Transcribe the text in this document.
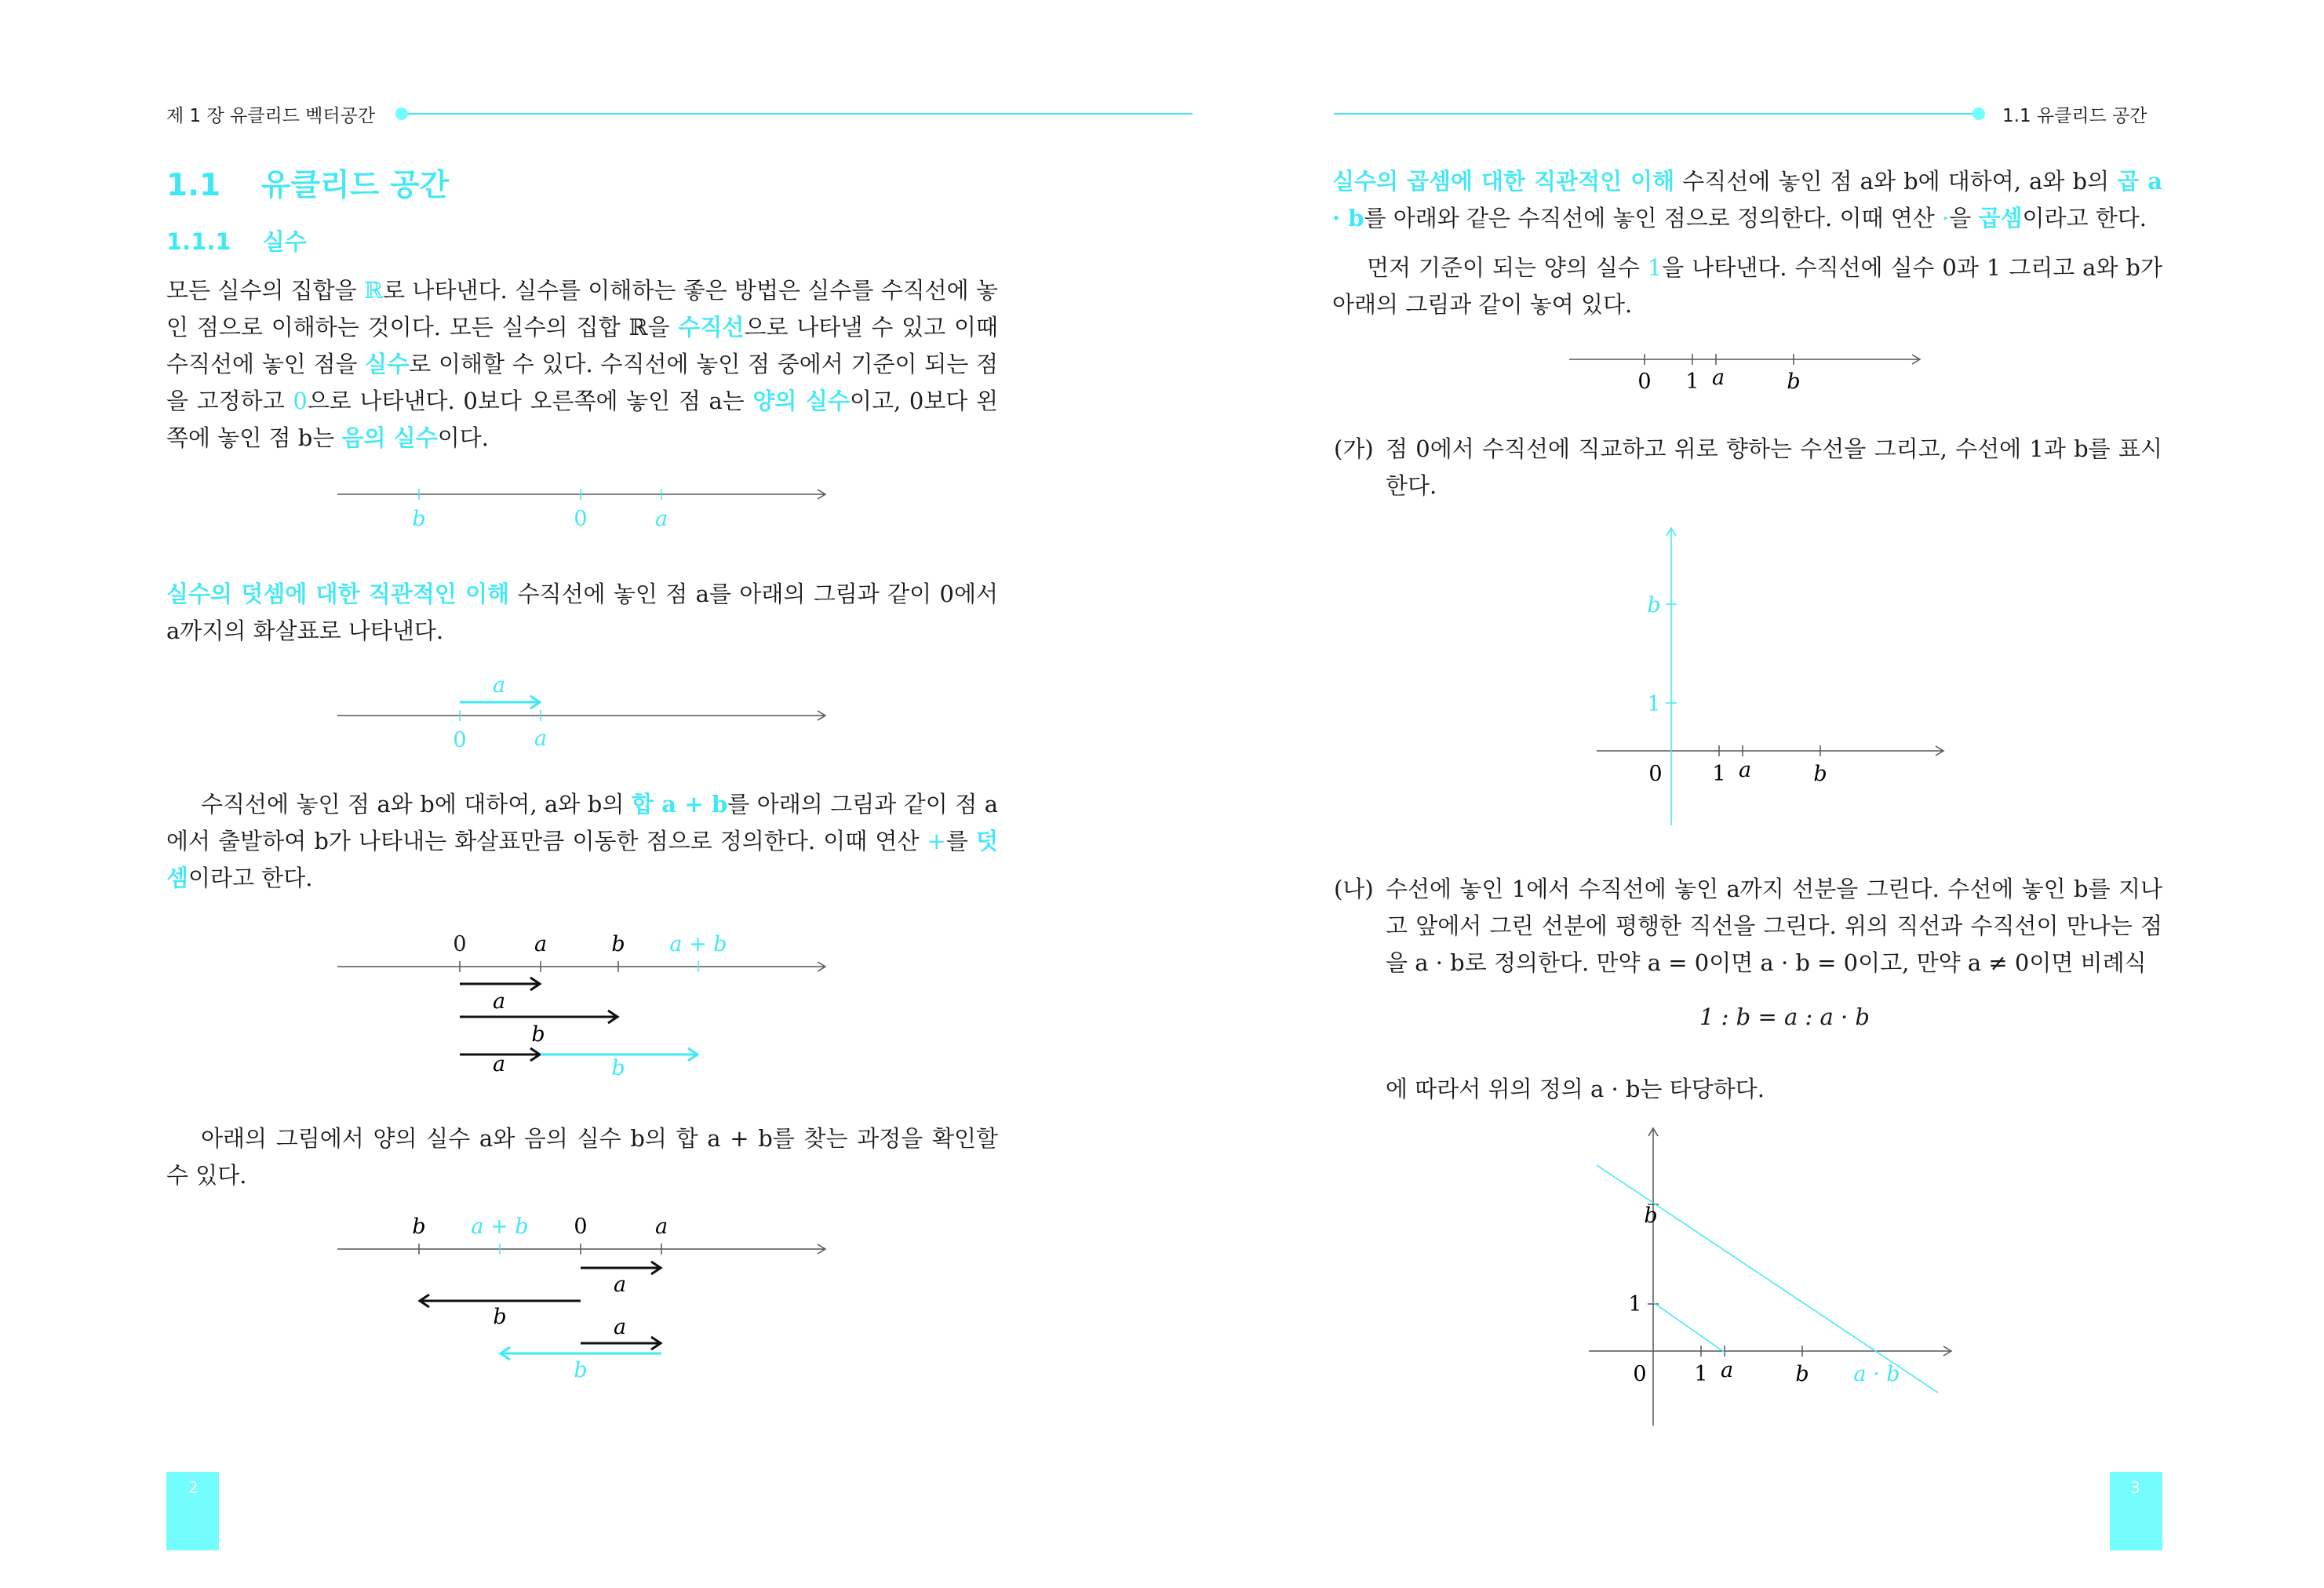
제 1 장 유클리드 벡터공간	1.1 유클리드 공간
1.1 유클리드 공간
1.1.1 실수

모든 실수의 집합을 ℝ로 나타낸다. 실수를 이해하는 좋은 방법은 실수를 수직선에 놓인 점으로 이해하는 것이다. 모든 실수의 집합 ℝ을 수직선으로 나타낼 수 있고 이때 수직선에 놓인 점을 실수로 이해할 수 있다. 수직선에 놓인 점 중에서 기준이 되는 점을 고정하고 0으로 나타낸다. 0보다 오른쪽에 놓인 점 a는 양의 실수이고, 0보다 왼쪽에 놓인 점 b는 음의 실수이다.

b	0	a

실수의 덧셈에 대한 직관적인 이해 수직선에 놓인 점 a를 아래의 그림과 같이 0에서 a까지의 화살표로 나타낸다.

a
0	a

수직선에 놓인 점 a와 b에 대하여, a와 b의 합 a + b를 아래의 그림과 같이 점 a에서 출발하여 b가 나타내는 화살표만큼 이동한 점으로 정의한다. 이때 연산 +를 덧셈이라고 한다.

0	a	b a + b
a
b
a	b

아래의 그림에서 양의 실수 a와 음의 실수 b의 합 a + b를 찾는 과정을 확인할 수 있다.

b a + b 0	a
a
b	a
b
2

실수의 곱셈에 대한 직관적인 이해 수직선에 놓인 점 a와 b에 대하여, a와 b의 곱 a · b를 아래와 같은 수직선에 놓인 점으로 정의한다. 이때 연산 ·을 곱셈이라고 한다.

먼저 기준이 되는 양의 실수 1을 나타낸다. 수직선에 실수 0과 1 그리고 a와 b가 아래의 그림과 같이 놓여 있다.

0 1 a	b
(가) 점 0에서 수직선에 직교하고 위로 향하는 수선을 그리고, 수선에 1과 b를 표시한다.

0 1 a	b
1
b
(나) 수선에 놓인 1에서 수직선에 놓인 a까지 선분을 그린다. 수선에 놓인 b를 지나고 앞에서 그린 선분에 평행한 직선을 그린다. 위의 직선과 수직선이 만나는 점을 a · b로 정의한다. 만약 a = 0이면 a · b = 0이고, 만약 a ≠ 0이면 비례식

1 : b = a : a · b

에 따라서 위의 정의 a · b는 타당하다.

0 1 a	b a · b
1
b
3
